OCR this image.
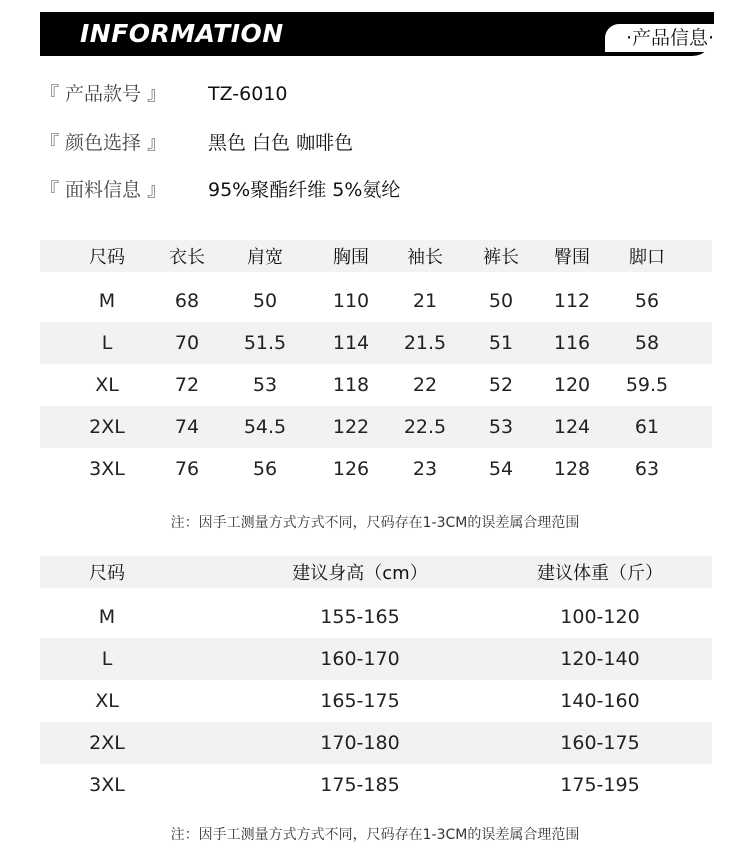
INFORMATION	·产品信息·
『 产品款号 』	TZ-6010
『 颜色选择 』	黑色 白色 咖啡色
『 面料信息 』	95%聚酯纤维 5%氨纶
尺码	衣长	肩宽	胸围	袖长	裤长	臀围	脚口
M	68	50	110	21	50	112	56
L	70	51.5	114	21.5	51	116	58
XL	72	53	118	22	52	120	59.5
2XL	74	54.5	122	22.5	53	124	61
3XL	76	56	126	23	54	128	63
注：因手工测量方式方式不同，尺码存在1-3CM的误差属合理范围
尺码	建议身高（cm）	建议体重（斤）
M	155-165	100-120
L	160-170	120-140
XL	165-175	140-160
2XL	170-180	160-175
3XL	175-185	175-195
注：因手工测量方式方式不同，尺码存在1-3CM的误差属合理范围
